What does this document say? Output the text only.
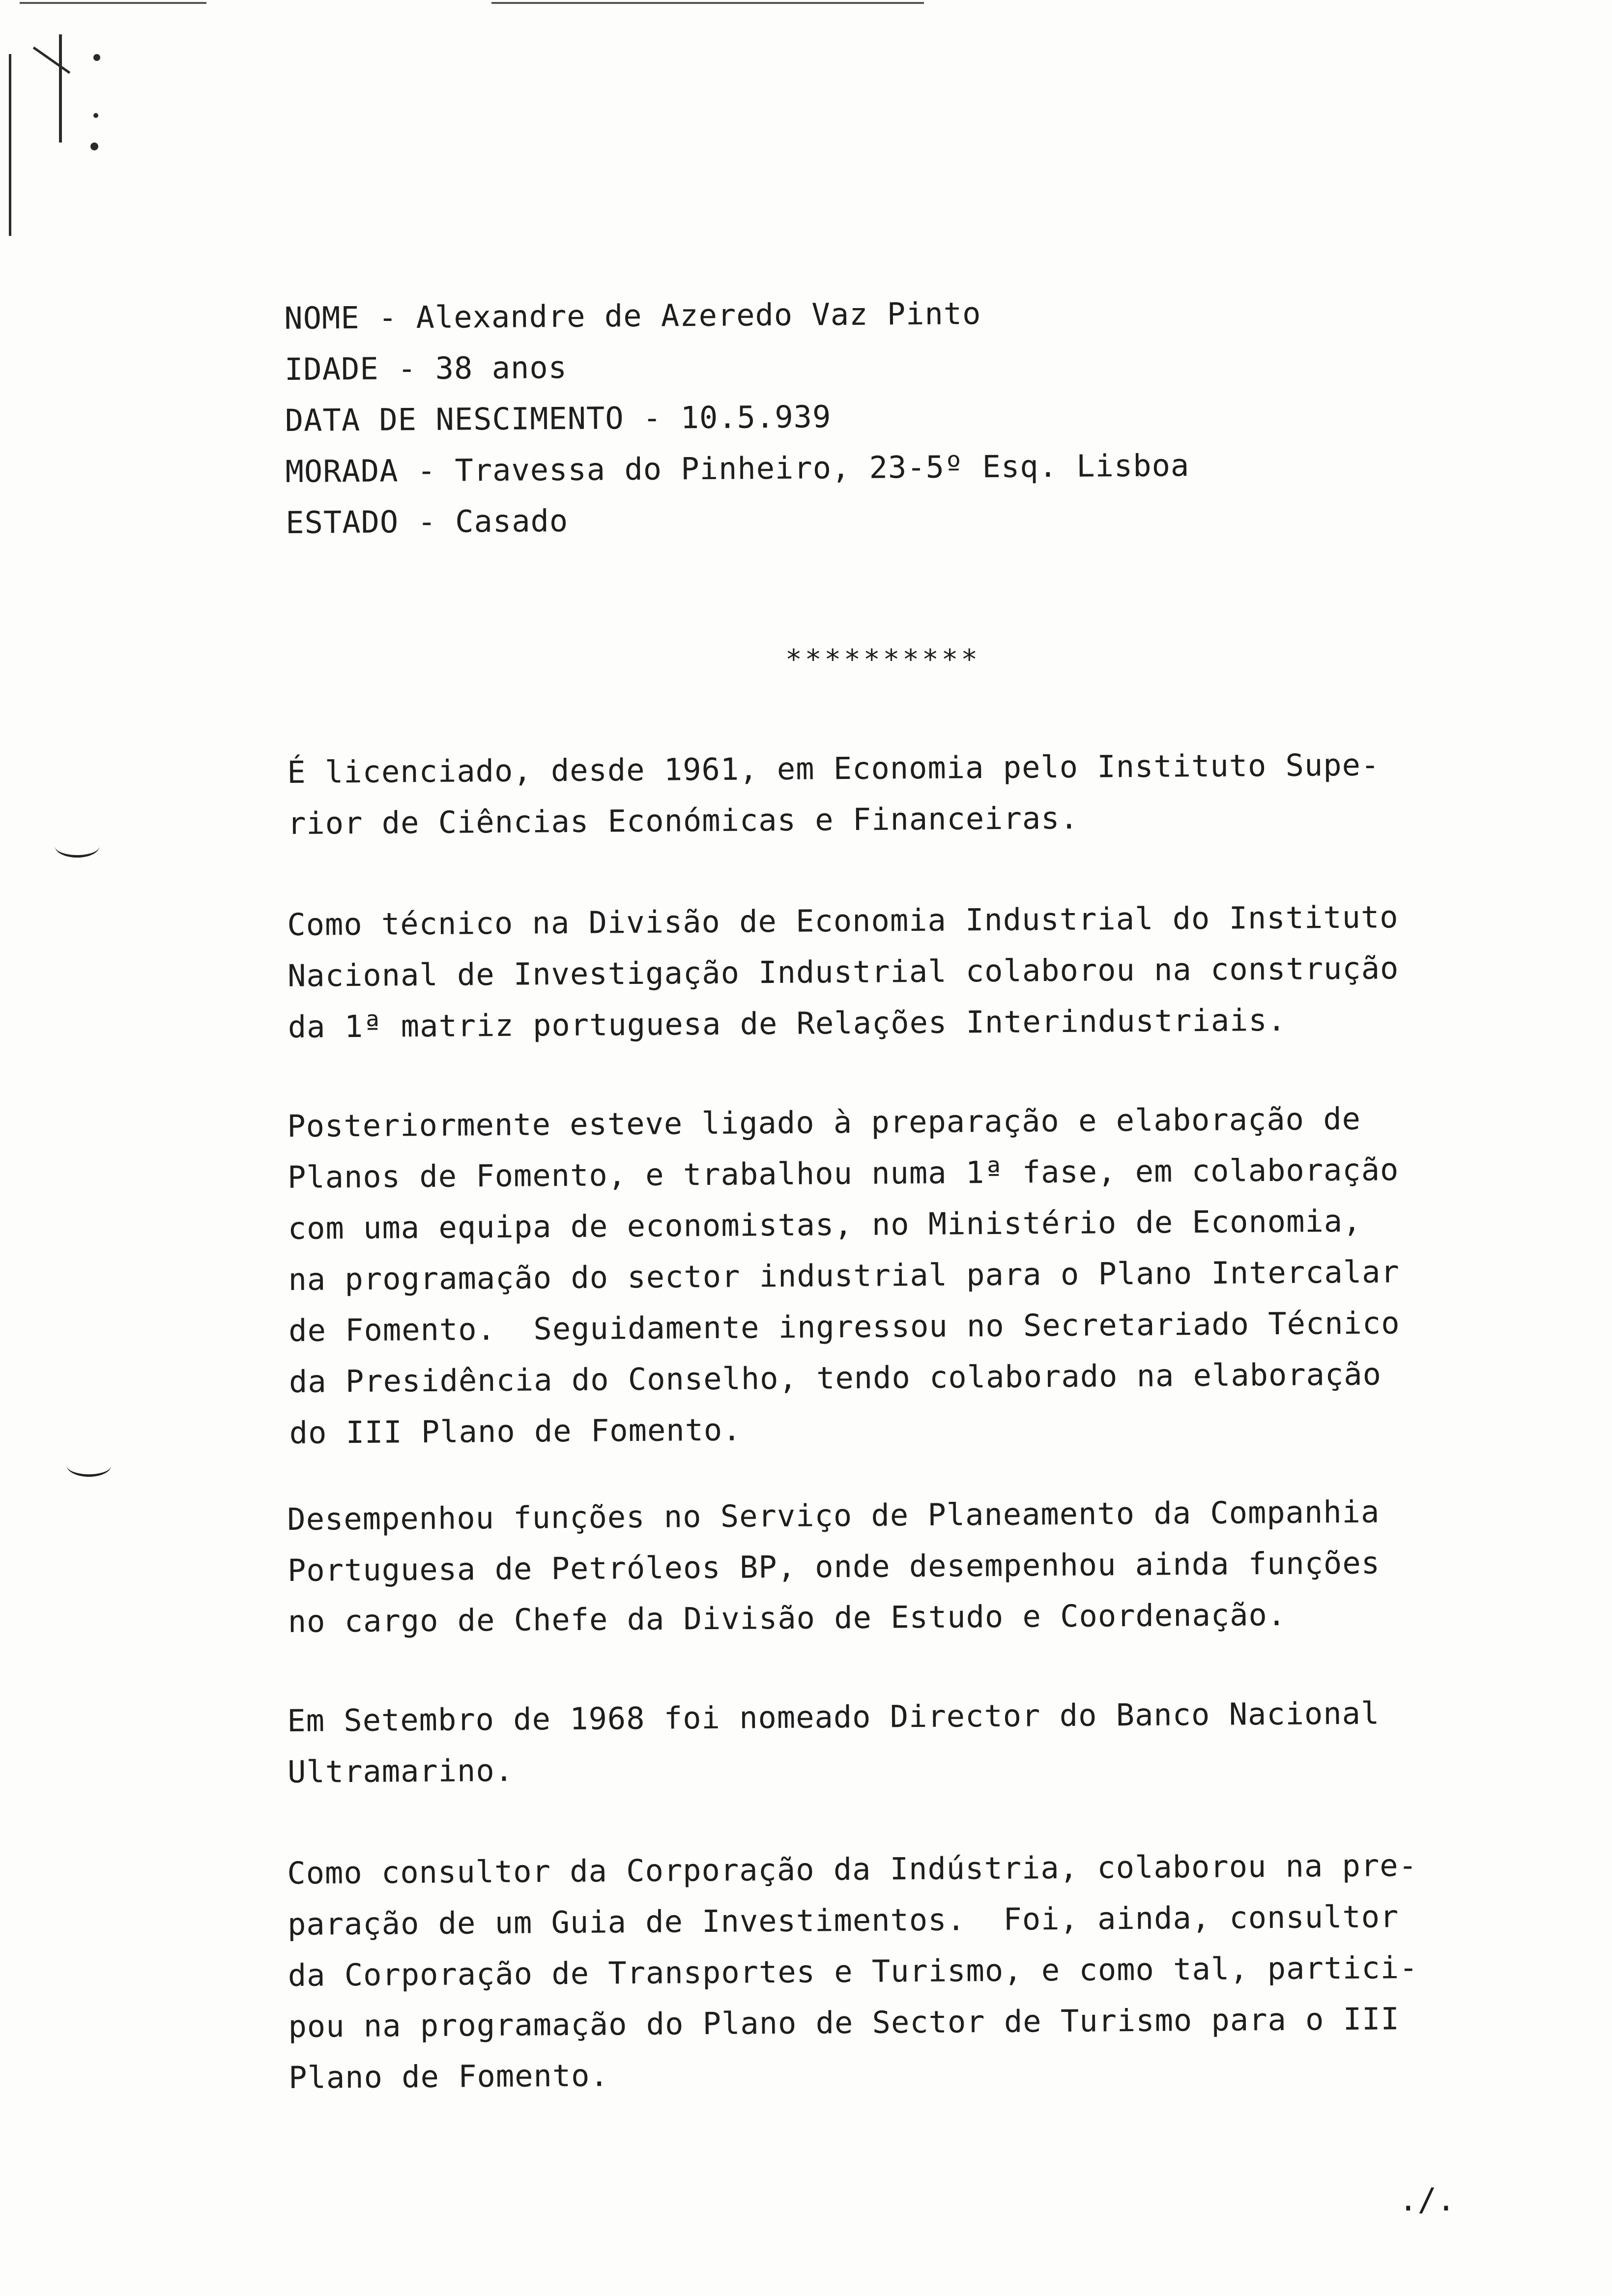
NOME - Alexandre de Azeredo Vaz Pinto
IDADE - 38 anos
DATA DE NESCIMENTO - 10.5.939
MORADA - Travessa do Pinheiro, 23-5º Esq. Lisboa
ESTADO - Casado
**********
É licenciado, desde 1961, em Economia pelo Instituto Supe-
rior de Ciências Económicas e Financeiras.
Como técnico na Divisão de Economia Industrial do Instituto
Nacional de Investigação Industrial colaborou na construção
da 1ª matriz portuguesa de Relações Interindustriais.
Posteriormente esteve ligado à preparação e elaboração de
Planos de Fomento, e trabalhou numa 1ª fase, em colaboração
com uma equipa de economistas, no Ministério de Economia,
na programação do sector industrial para o Plano Intercalar
de Fomento.  Seguidamente ingressou no Secretariado Técnico
da Presidência do Conselho, tendo colaborado na elaboração
do III Plano de Fomento.
Desempenhou funções no Serviço de Planeamento da Companhia
Portuguesa de Petróleos BP, onde desempenhou ainda funções
no cargo de Chefe da Divisão de Estudo e Coordenação.
Em Setembro de 1968 foi nomeado Director do Banco Nacional
Ultramarino.
Como consultor da Corporação da Indústria, colaborou na pre-
paração de um Guia de Investimentos.  Foi, ainda, consultor
da Corporação de Transportes e Turismo, e como tal, partici-
pou na programação do Plano de Sector de Turismo para o III
Plano de Fomento.
./.
